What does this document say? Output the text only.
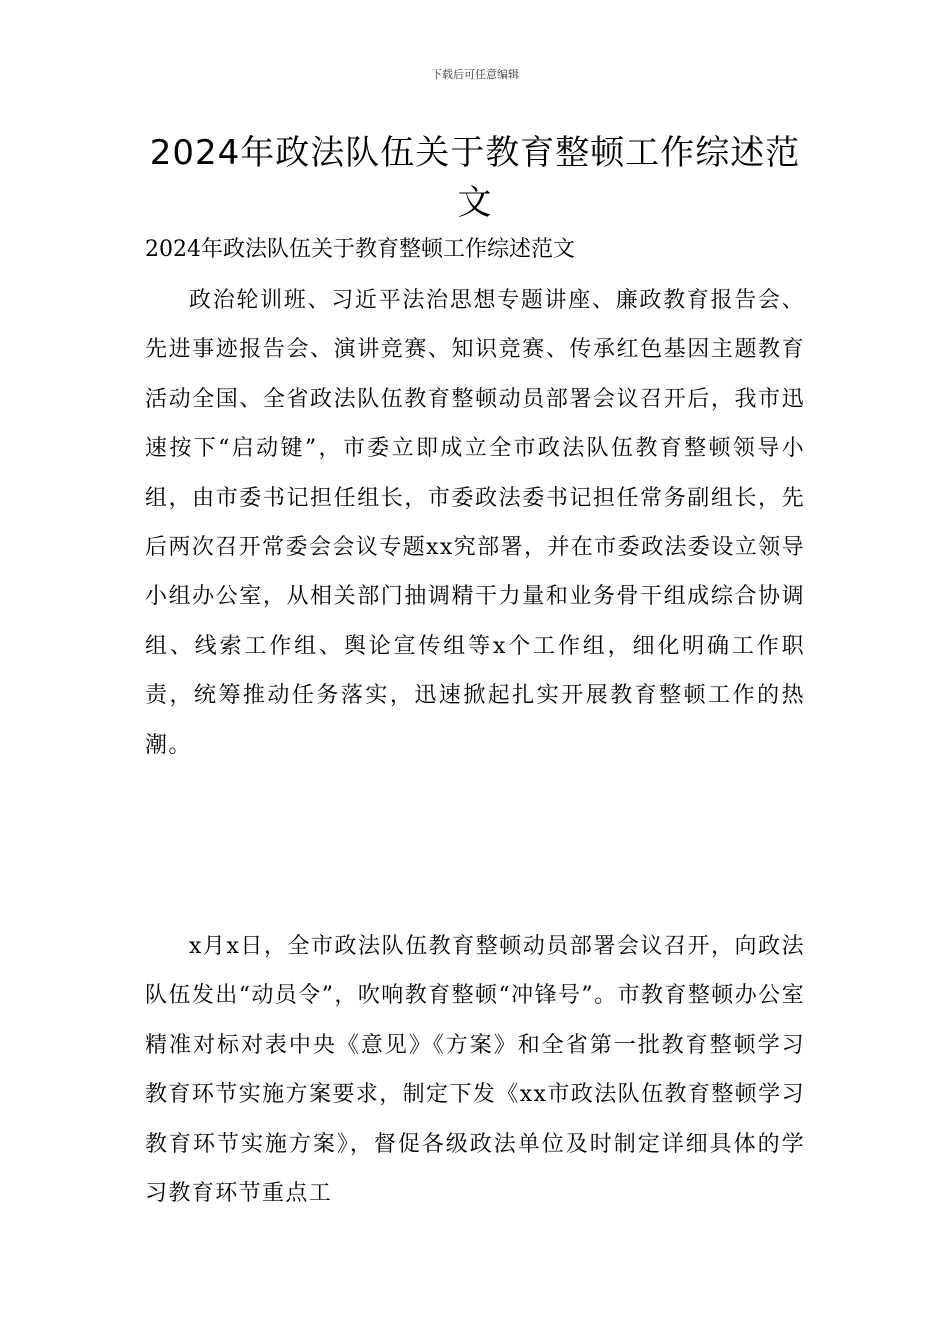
下载后可任意编辑
2024年政法队伍关于教育整顿工作综述范文

2024年政法队伍关于教育整顿工作综述范文

政治轮训班、习近平法治思想专题讲座、廉政教育报告会、先进事迹报告会、演讲竞赛、知识竞赛、传承红色基因主题教育活动全国、全省政法队伍教育整顿动员部署会议召开后，我市迅速按下“启动键”，市委立即成立全市政法队伍教育整顿领导小组，由市委书记担任组长，市委政法委书记担任常务副组长，先后两次召开常委会会议专题xx究部署，并在市委政法委设立领导小组办公室，从相关部门抽调精干力量和业务骨干组成综合协调组、线索工作组、舆论宣传组等x个工作组，细化明确工作职责，统筹推动任务落实，迅速掀起扎实开展教育整顿工作的热潮。

x月x日，全市政法队伍教育整顿动员部署会议召开，向政法队伍发出“动员令”，吹响教育整顿“冲锋号”。市教育整顿办公室精准对标对表中央《意见》《方案》和全省第一批教育整顿学习教育环节实施方案要求，制定下发《xx市政法队伍教育整顿学习教育环节实施方案》，督促各级政法单位及时制定详细具体的学习教育环节重点工
